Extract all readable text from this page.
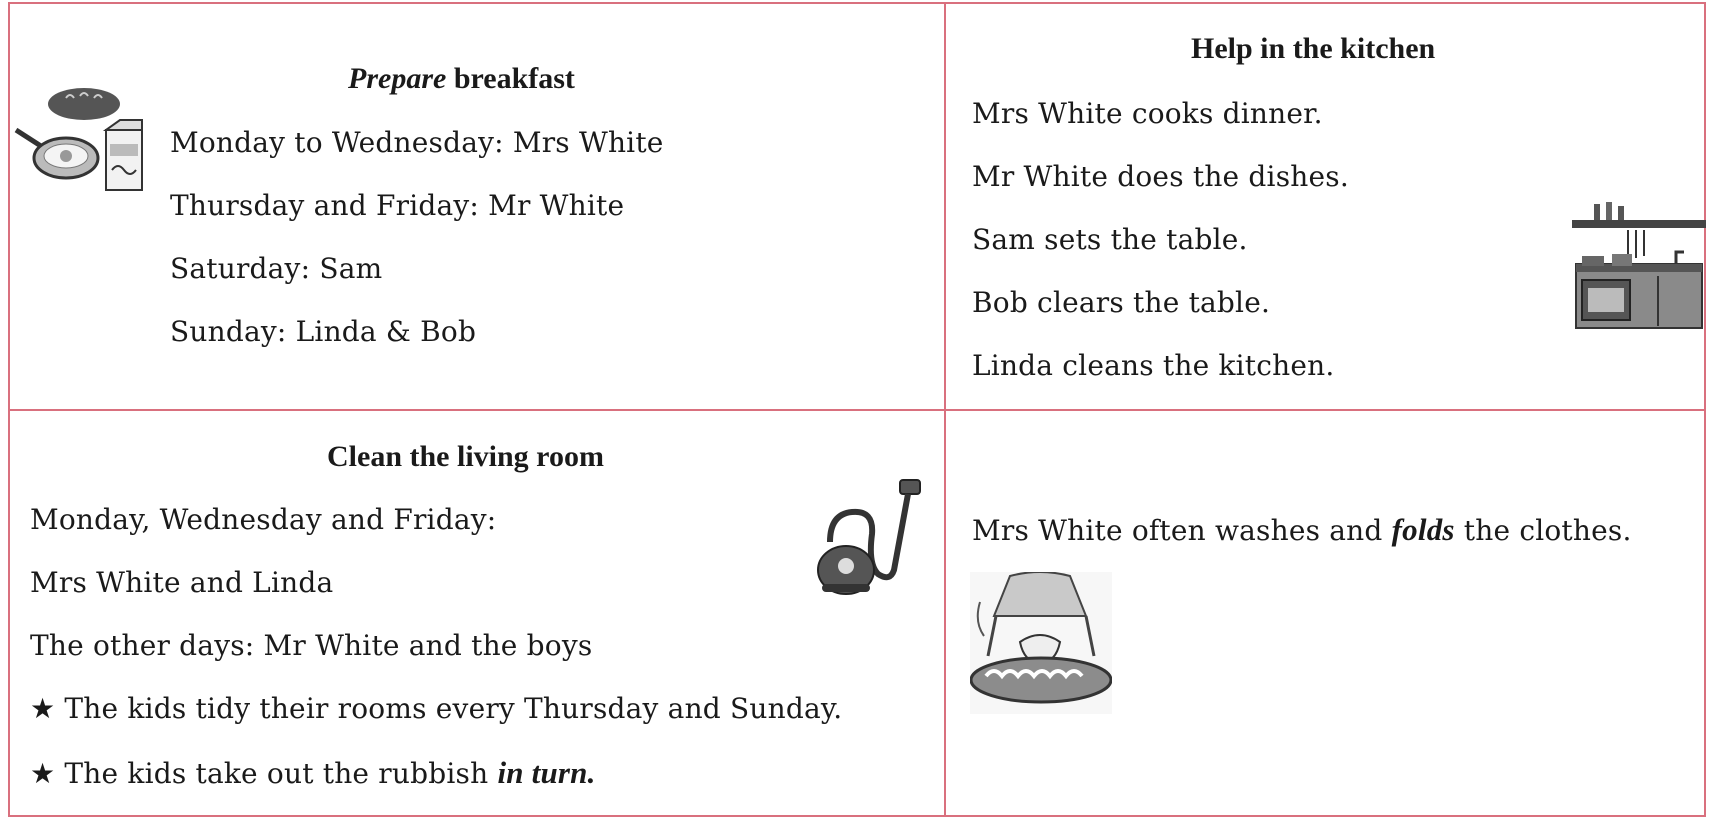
Prepare breakfast
Monday to Wednesday: Mrs White
Thursday and Friday: Mr White
Saturday: Sam
Sunday: Linda & Bob
Help in the kitchen
Mrs White cooks dinner.
Mr White does the dishes.
Sam sets the table.
Bob clears the table.
Linda cleans the kitchen.
Clean the living room
Monday, Wednesday and Friday:
Mrs White and Linda
The other days: Mr White and the boys
★ The kids tidy their rooms every Thursday and Sunday.
★ The kids take out the rubbish in turn.
Mrs White often washes and folds the clothes.
